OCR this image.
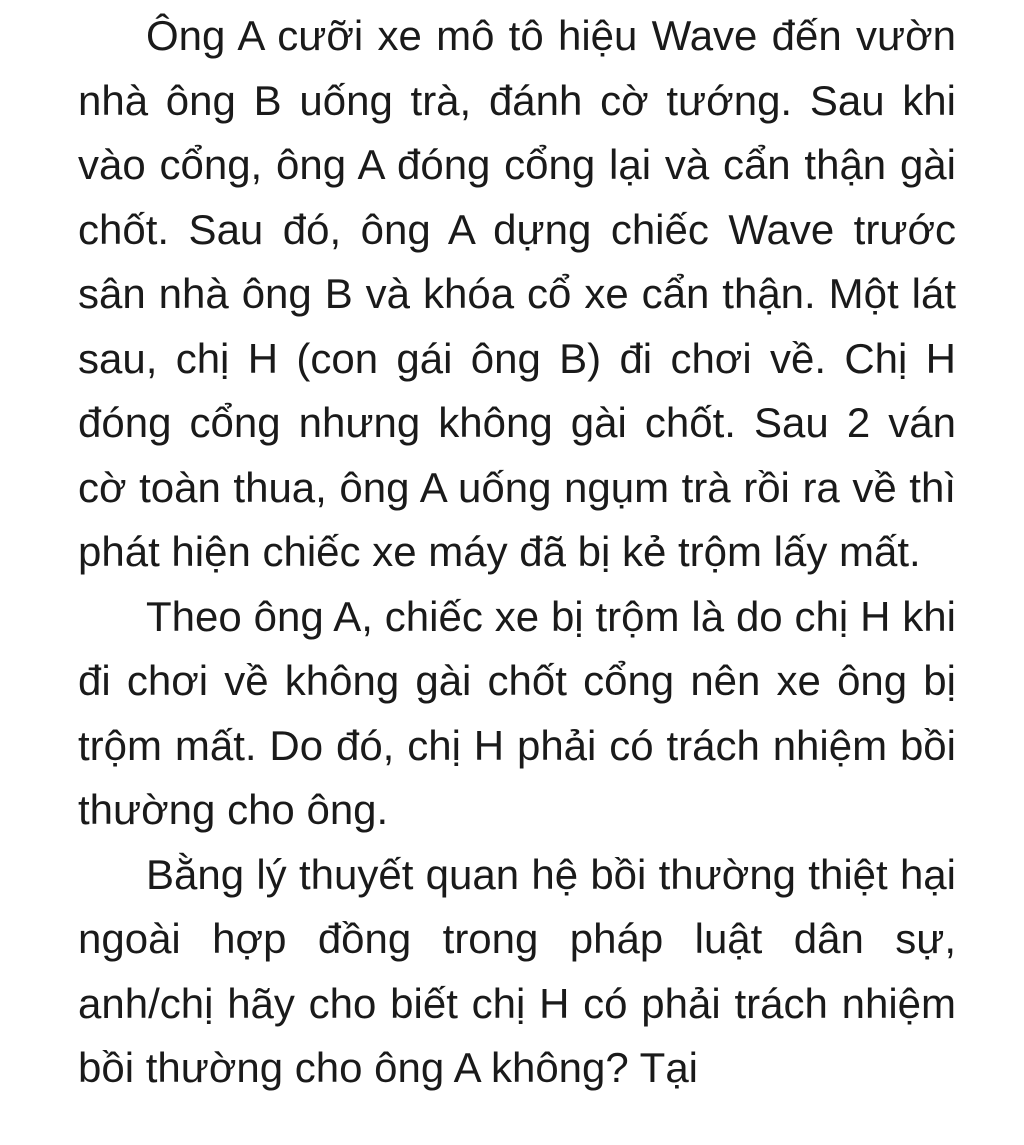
Ông A cưỡi xe mô tô hiệu Wave đến vườn nhà ông B uống trà, đánh cờ tướng. Sau khi vào cổng, ông A đóng cổng lại và cẩn thận gài chốt. Sau đó, ông A dựng chiếc Wave trước sân nhà ông B và khóa cổ xe cẩn thận. Một lát sau, chị H (con gái ông B) đi chơi về. Chị H đóng cổng nhưng không gài chốt. Sau 2 ván cờ toàn thua, ông A uống ngụm trà rồi ra về thì phát hiện chiếc xe máy đã bị kẻ trộm lấy mất.

Theo ông A, chiếc xe bị trộm là do chị H khi đi chơi về không gài chốt cổng nên xe ông bị trộm mất. Do đó, chị H phải có trách nhiệm bồi thường cho ông.

Bằng lý thuyết quan hệ bồi thường thiệt hại ngoài hợp đồng trong pháp luật dân sự, anh/chị hãy cho biết chị H có phải trách nhiệm bồi thường cho ông A không? Tại
